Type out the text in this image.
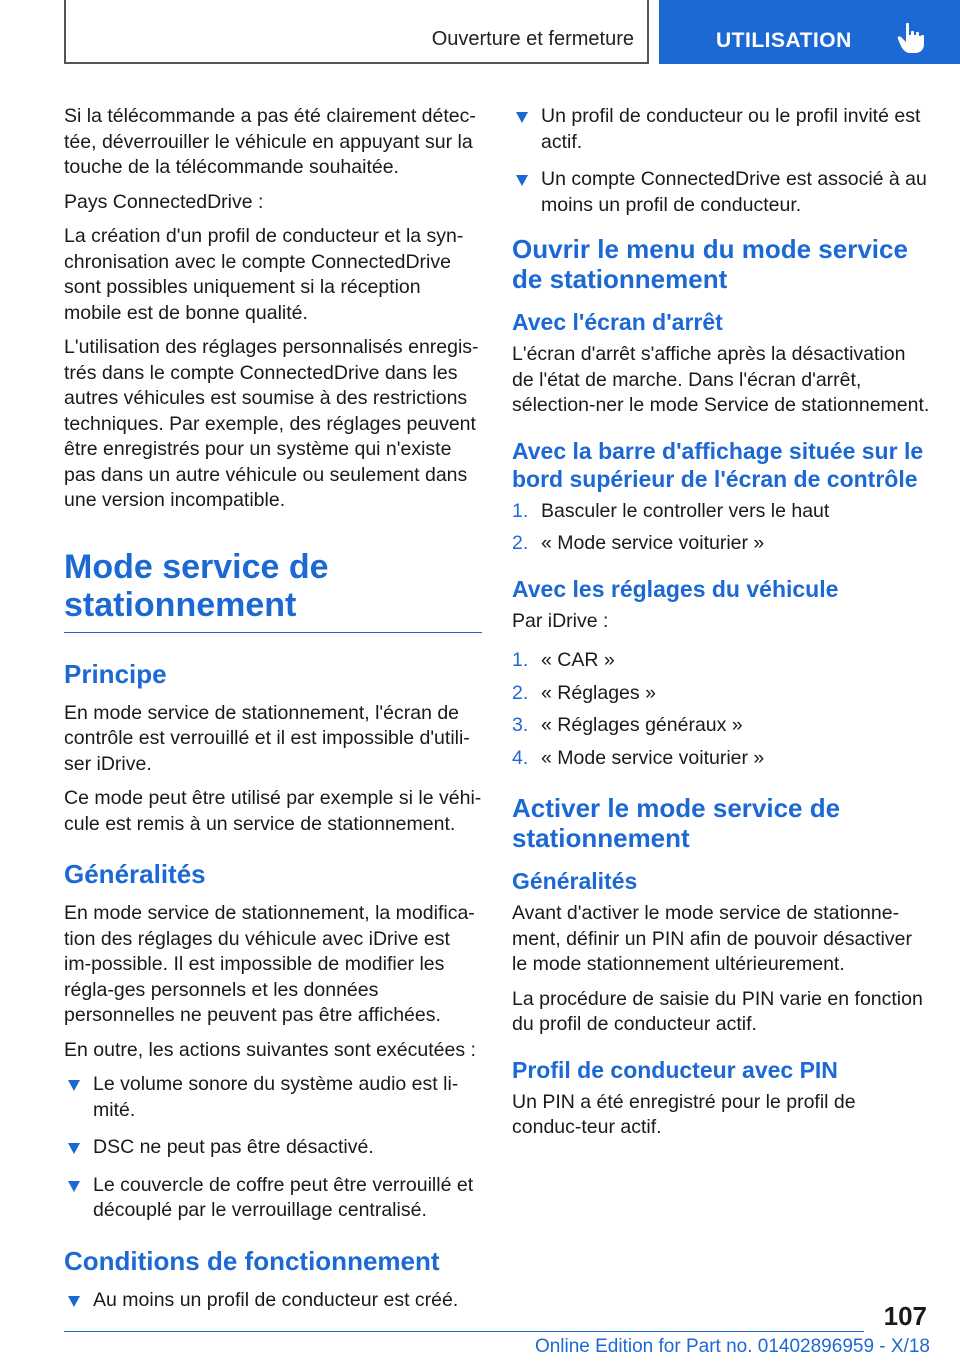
Ouverture et fermeture	UTILISATION

Si la télécommande a pas été clairement détec‐tée, déverrouiller le véhicule en appuyant sur la touche de la télécommande souhaitée.

Pays ConnectedDrive :

La création d'un profil de conducteur et la syn‐chronisation avec le compte ConnectedDrive sont possibles uniquement si la réception mobile est de bonne qualité.

L'utilisation des réglages personnalisés enregis‐trés dans le compte ConnectedDrive dans les autres véhicules est soumise à des restrictions techniques. Par exemple, des réglages peuvent être enregistrés pour un système qui n'existe pas dans un autre véhicule ou seulement dans une version incompatible.

Mode service de stationnement
Principe

En mode service de stationnement, l'écran de contrôle est verrouillé et il est impossible d'utili‐ser iDrive.

Ce mode peut être utilisé par exemple si le véhi‐cule est remis à un service de stationnement.

Généralités

En mode service de stationnement, la modifica‐tion des réglages du véhicule avec iDrive est im‐possible. Il est impossible de modifier les régla‐ges personnels et les données personnelles ne peuvent pas être affichées.

En outre, les actions suivantes sont exécutées :

Le volume sonore du système audio est li‐mité.
DSC ne peut pas être désactivé.
Le couvercle de coffre peut être verrouillé et découplé par le verrouillage centralisé.
Conditions de fonctionnement
Au moins un profil de conducteur est créé.
Un profil de conducteur ou le profil invité est actif.
Un compte ConnectedDrive est associé à au moins un profil de conducteur.
Ouvrir le menu du mode service de stationnement
Avec l'écran d'arrêt

L'écran d'arrêt s'affiche après la désactivation de l'état de marche. Dans l'écran d'arrêt, sélection‐ner le mode Service de stationnement.

Avec la barre d'affichage située sur le bord supérieur de l'écran de contrôle
1. Basculer le controller vers le haut
2. « Mode service voiturier »
Avec les réglages du véhicule

Par iDrive :

1. « CAR »
2. « Réglages »
3. « Réglages généraux »
4. « Mode service voiturier »
Activer le mode service de stationnement
Généralités

Avant d'activer le mode service de stationne‐ment, définir un PIN afin de pouvoir désactiver le mode stationnement ultérieurement.

La procédure de saisie du PIN varie en fonction du profil de conducteur actif.

Profil de conducteur avec PIN

Un PIN a été enregistré pour le profil de conduc‐teur actif.

107
Online Edition for Part no. 01402896959 - X/18
